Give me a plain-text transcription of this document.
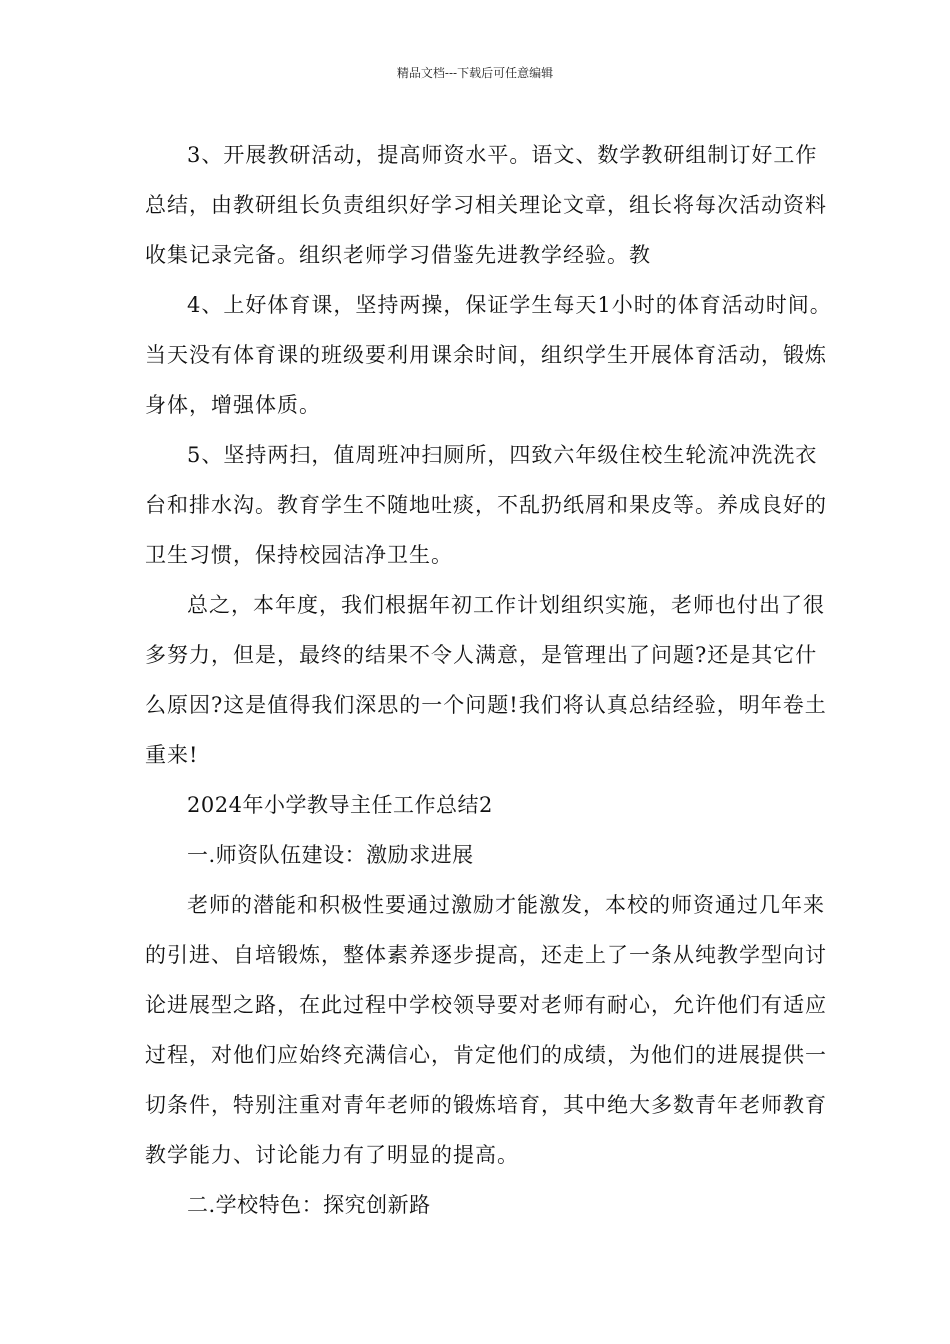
精品文档---下载后可任意编辑

3、开展教研活动，提高师资水平。语文、数学教研组制订好工作总结，由教研组长负责组织好学习相关理论文章，组长将每次活动资料收集记录完备。组织老师学习借鉴先进教学经验。教

4、上好体育课，坚持两操，保证学生每天1小时的体育活动时间。当天没有体育课的班级要利用课余时间，组织学生开展体育活动，锻炼身体，增强体质。

5、坚持两扫，值周班冲扫厕所，四致六年级住校生轮流冲洗洗衣台和排水沟。教育学生不随地吐痰，不乱扔纸屑和果皮等。养成良好的卫生习惯，保持校园洁净卫生。

总之，本年度，我们根据年初工作计划组织实施，老师也付出了很多努力，但是，最终的结果不令人满意，是管理出了问题?还是其它什么原因?这是值得我们深思的一个问题!我们将认真总结经验，明年卷土重来!

2024年小学教导主任工作总结2

一.师资队伍建设：激励求进展

老师的潜能和积极性要通过激励才能激发，本校的师资通过几年来的引进、自培锻炼，整体素养逐步提高，还走上了一条从纯教学型向讨论进展型之路，在此过程中学校领导要对老师有耐心，允许他们有适应过程，对他们应始终充满信心，肯定他们的成绩，为他们的进展提供一切条件，特别注重对青年老师的锻炼培育，其中绝大多数青年老师教育教学能力、讨论能力有了明显的提高。

二.学校特色：探究创新路
